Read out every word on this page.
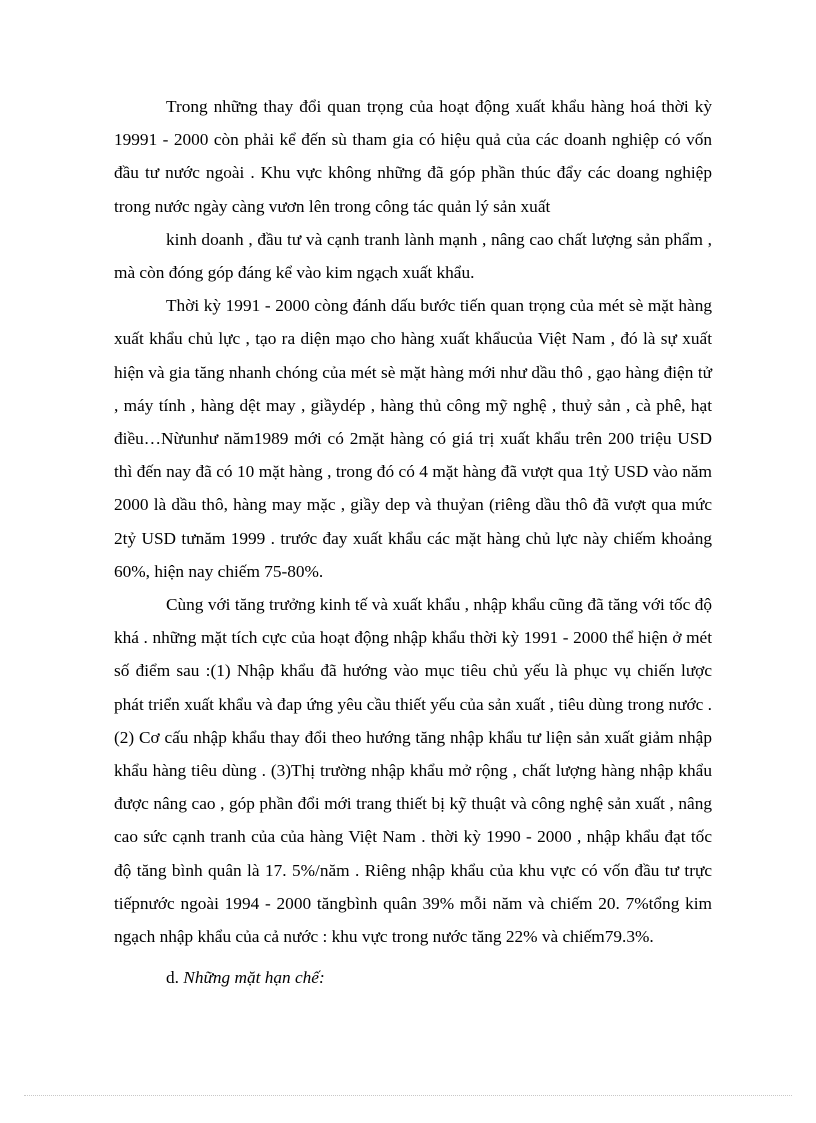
Trong những thay đổi quan trọng của hoạt động xuất khẩu hàng hoá thời kỳ 19991 - 2000 còn phải kể đến sù tham gia có hiệu quả của các doanh nghiệp có vốn đầu tư nước ngoài . Khu vực không những đã góp phần thúc đẩy các doang nghiệp trong nước ngày càng vươn lên trong công tác quản lý sản xuất

kinh doanh , đầu tư và cạnh tranh lành mạnh , nâng cao chất lượng sản phẩm , mà còn đóng góp đáng kể vào kim ngạch xuất khẩu.

Thời kỳ 1991 - 2000 còng đánh dấu bước tiến quan trọng của mét sè mặt hàng xuất khẩu chủ lực , tạo ra diện mạo cho hàng xuất khẩucủa Việt Nam , đó là sự xuất hiện và gia tăng nhanh chóng của mét sè mặt hàng mới như dầu thô , gạo hàng điện tử , máy tính , hàng dệt may , giầydép , hàng thủ công mỹ nghệ , thuỷ sản , cà phê, hạt điều…Nừunhư năm1989 mới có 2mặt hàng có giá trị xuất khẩu trên 200 triệu USD thì đến nay đã có 10 mặt hàng , trong đó có 4 mặt hàng đã vượt qua 1tỷ USD vào năm 2000 là dầu thô, hàng may mặc , giầy dep và thuỷan (riêng dầu thô đã vượt qua mức 2tỷ USD tưnăm 1999 . trước đay xuất khẩu các mặt hàng chủ lực này chiếm khoảng 60%, hiện nay chiếm 75-80%.

Cùng với tăng trưởng kinh tế và xuất khẩu , nhập khẩu cũng đã tăng với tốc độ khá . những mặt tích cực của hoạt động nhập khẩu thời kỳ 1991 - 2000 thể hiện ở mét số điểm sau :(1) Nhập khẩu đã hướng vào mục tiêu chủ yếu là phục vụ chiến lược phát triển xuất khẩu và đap ứng yêu cầu thiết yếu của sản xuất , tiêu dùng trong nước .(2) Cơ cấu nhập khẩu thay đổi theo hướng tăng nhập khẩu tư liện sản xuất giảm nhập khẩu hàng tiêu dùng . (3)Thị trường nhập khẩu mở rộng , chất lượng hàng nhập khẩu được nâng cao , góp phần đổi mới trang thiết bị kỹ thuật và công nghệ sản xuất , nâng cao sức cạnh tranh của của hàng Việt Nam . thời kỳ 1990 - 2000 , nhập khẩu đạt tốc độ tăng bình quân là 17. 5%/năm . Riêng nhập khẩu của khu vực có vốn đầu tư trực tiếpnước ngoài 1994 - 2000 tăngbình quân 39% mỗi năm và chiếm 20. 7%tổng kim ngạch nhập khẩu của cả nước : khu vực trong nước tăng 22% và chiếm79.3%.

d. Những mặt hạn chế:
